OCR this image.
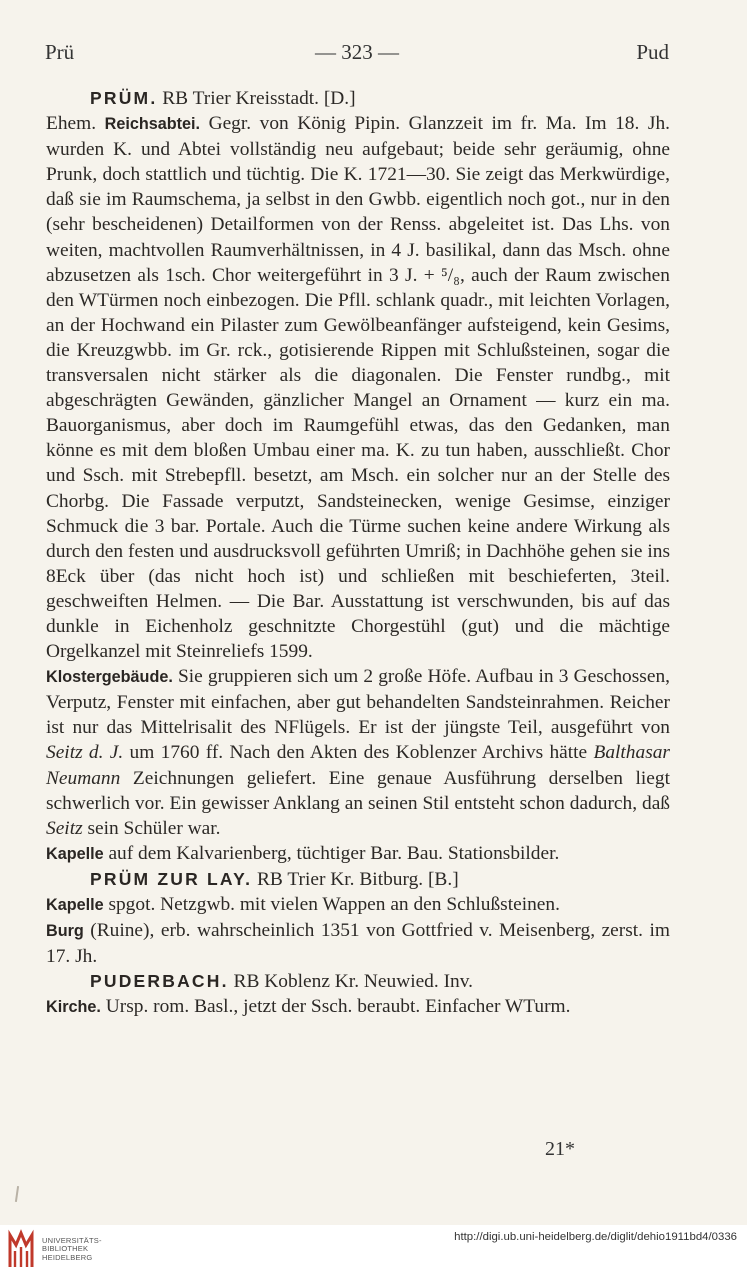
Prü	— 323 —	Pud

PRÜM. RB Trier Kreisstadt. [D.]
Ehem. Reichsabtei. Gegr. von König Pipin. Glanzzeit im fr. Ma. Im 18. Jh. wurden K. und Abtei vollständig neu aufgebaut; beide sehr geräumig, ohne Prunk, doch stattlich und tüchtig. Die K. 1721—30. Sie zeigt das Merkwürdige, daß sie im Raumschema, ja selbst in den Gwbb. eigentlich noch got., nur in den (sehr bescheidenen) Detailformen von der Renss. abgeleitet ist. Das Lhs. von weiten, machtvollen Raumverhältnissen, in 4 J. basilikal, dann das Msch. ohne abzusetzen als 1sch. Chor weitergeführt in 3 J. + ⁵/₈, auch der Raum zwischen den WTürmen noch einbezogen. Die Pfll. schlank quadr., mit leichten Vorlagen, an der Hochwand ein Pilaster zum Gewölbeanfänger aufsteigend, kein Gesims, die Kreuzgwbb. im Gr. rck., gotisierende Rippen mit Schlußsteinen, sogar die transversalen nicht stärker als die diagonalen. Die Fenster rundbg., mit abgeschrägten Gewänden, gänzlicher Mangel an Ornament — kurz ein ma. Bauorganismus, aber doch im Raumgefühl etwas, das den Gedanken, man könne es mit dem bloßen Umbau einer ma. K. zu tun haben, ausschließt. Chor und Ssch. mit Strebepfll. besetzt, am Msch. ein solcher nur an der Stelle des Chorbg. Die Fassade verputzt, Sandsteinecken, wenige Gesimse, einziger Schmuck die 3 bar. Portale. Auch die Türme suchen keine andere Wirkung als durch den festen und ausdrucksvoll geführten Umriß; in Dachhöhe gehen sie ins 8Eck über (das nicht hoch ist) und schließen mit beschieferten, 3teil. geschweiften Helmen. — Die Bar. Ausstattung ist verschwunden, bis auf das dunkle in Eichenholz geschnitzte Chorgestühl (gut) und die mächtige Orgelkanzel mit Steinreliefs 1599.

Klostergebäude. Sie gruppieren sich um 2 große Höfe. Aufbau in 3 Geschossen, Verputz, Fenster mit einfachen, aber gut behandelten Sandsteinrahmen. Reicher ist nur das Mittelrisalit des NFlügels. Er ist der jüngste Teil, ausgeführt von Seitz d. J. um 1760 ff. Nach den Akten des Koblenzer Archivs hätte Balthasar Neumann Zeichnungen geliefert. Eine genaue Ausführung derselben liegt schwerlich vor. Ein gewisser Anklang an seinen Stil entsteht schon dadurch, daß Seitz sein Schüler war.

Kapelle auf dem Kalvarienberg, tüchtiger Bar. Bau. Stationsbilder.

PRÜM ZUR LAY. RB Trier Kr. Bitburg. [B.]

Kapelle spgot. Netzgwb. mit vielen Wappen an den Schlußsteinen.

Burg (Ruine), erb. wahrscheinlich 1351 von Gottfried v. Meisenberg, zerst. im 17. Jh.

PUDERBACH. RB Koblenz Kr. Neuwied. Inv.

Kirche. Ursp. rom. Basl., jetzt der Ssch. beraubt. Einfacher WTurm.

21*
UNIVERSITÄTS-
BIBLIOTHEK
HEIDELBERG
http://digi.ub.uni-heidelberg.de/diglit/dehio1911bd4/0336
